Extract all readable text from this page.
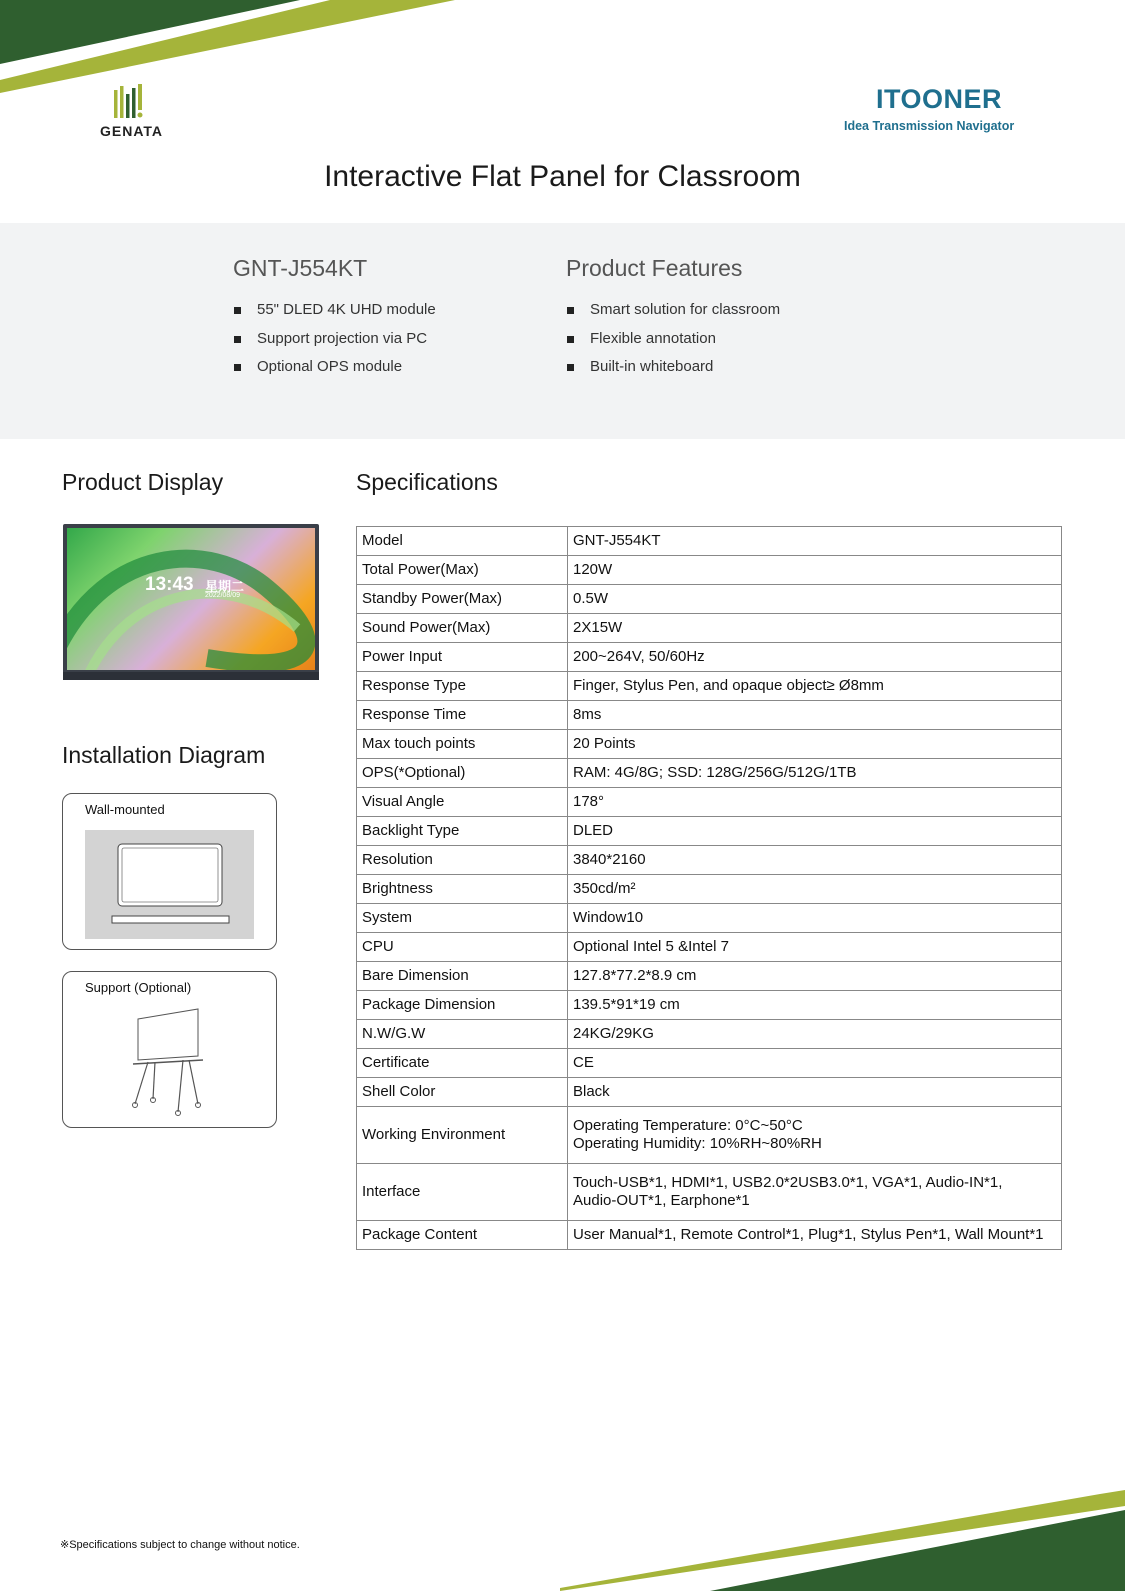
GENATA
ITOONER
Idea Transmission Navigator
Interactive Flat Panel for Classroom
GNT-J554KT
55" DLED 4K UHD module
Support projection via PC
Optional OPS module
Product Features
Smart solution for classroom
Flexible annotation
Built-in whiteboard
Product Display
13:43 星期二
2022/08/09
Installation Diagram
Wall-mounted
Support (Optional)
Specifications
Model	GNT-J554KT
Total Power(Max)	120W
Standby Power(Max)	0.5W
Sound Power(Max)	2X15W
Power Input	200~264V, 50/60Hz
Response Type	Finger, Stylus Pen, and opaque object≥ Ø8mm
Response Time	8ms
Max touch points	20 Points
OPS(*Optional)	RAM: 4G/8G; SSD: 128G/256G/512G/1TB
Visual Angle	178°
Backlight Type	DLED
Resolution	3840*2160
Brightness	350cd/m²
System	Window10
CPU	Optional Intel 5 &Intel 7
Bare Dimension	127.8*77.2*8.9 cm
Package Dimension	139.5*91*19 cm
N.W/G.W	24KG/29KG
Certificate	CE
Shell Color	Black
Working Environment	Operating Temperature: 0°C~50°C
Operating Humidity: 10%RH~80%RH

Interface	Touch-USB*1, HDMI*1, USB2.0*2USB3.0*1, VGA*1, Audio-IN*1,
Audio-OUT*1, Earphone*1

Package Content	User Manual*1, Remote Control*1, Plug*1, Stylus Pen*1, Wall Mount*1
※Specifications subject to change without notice.
